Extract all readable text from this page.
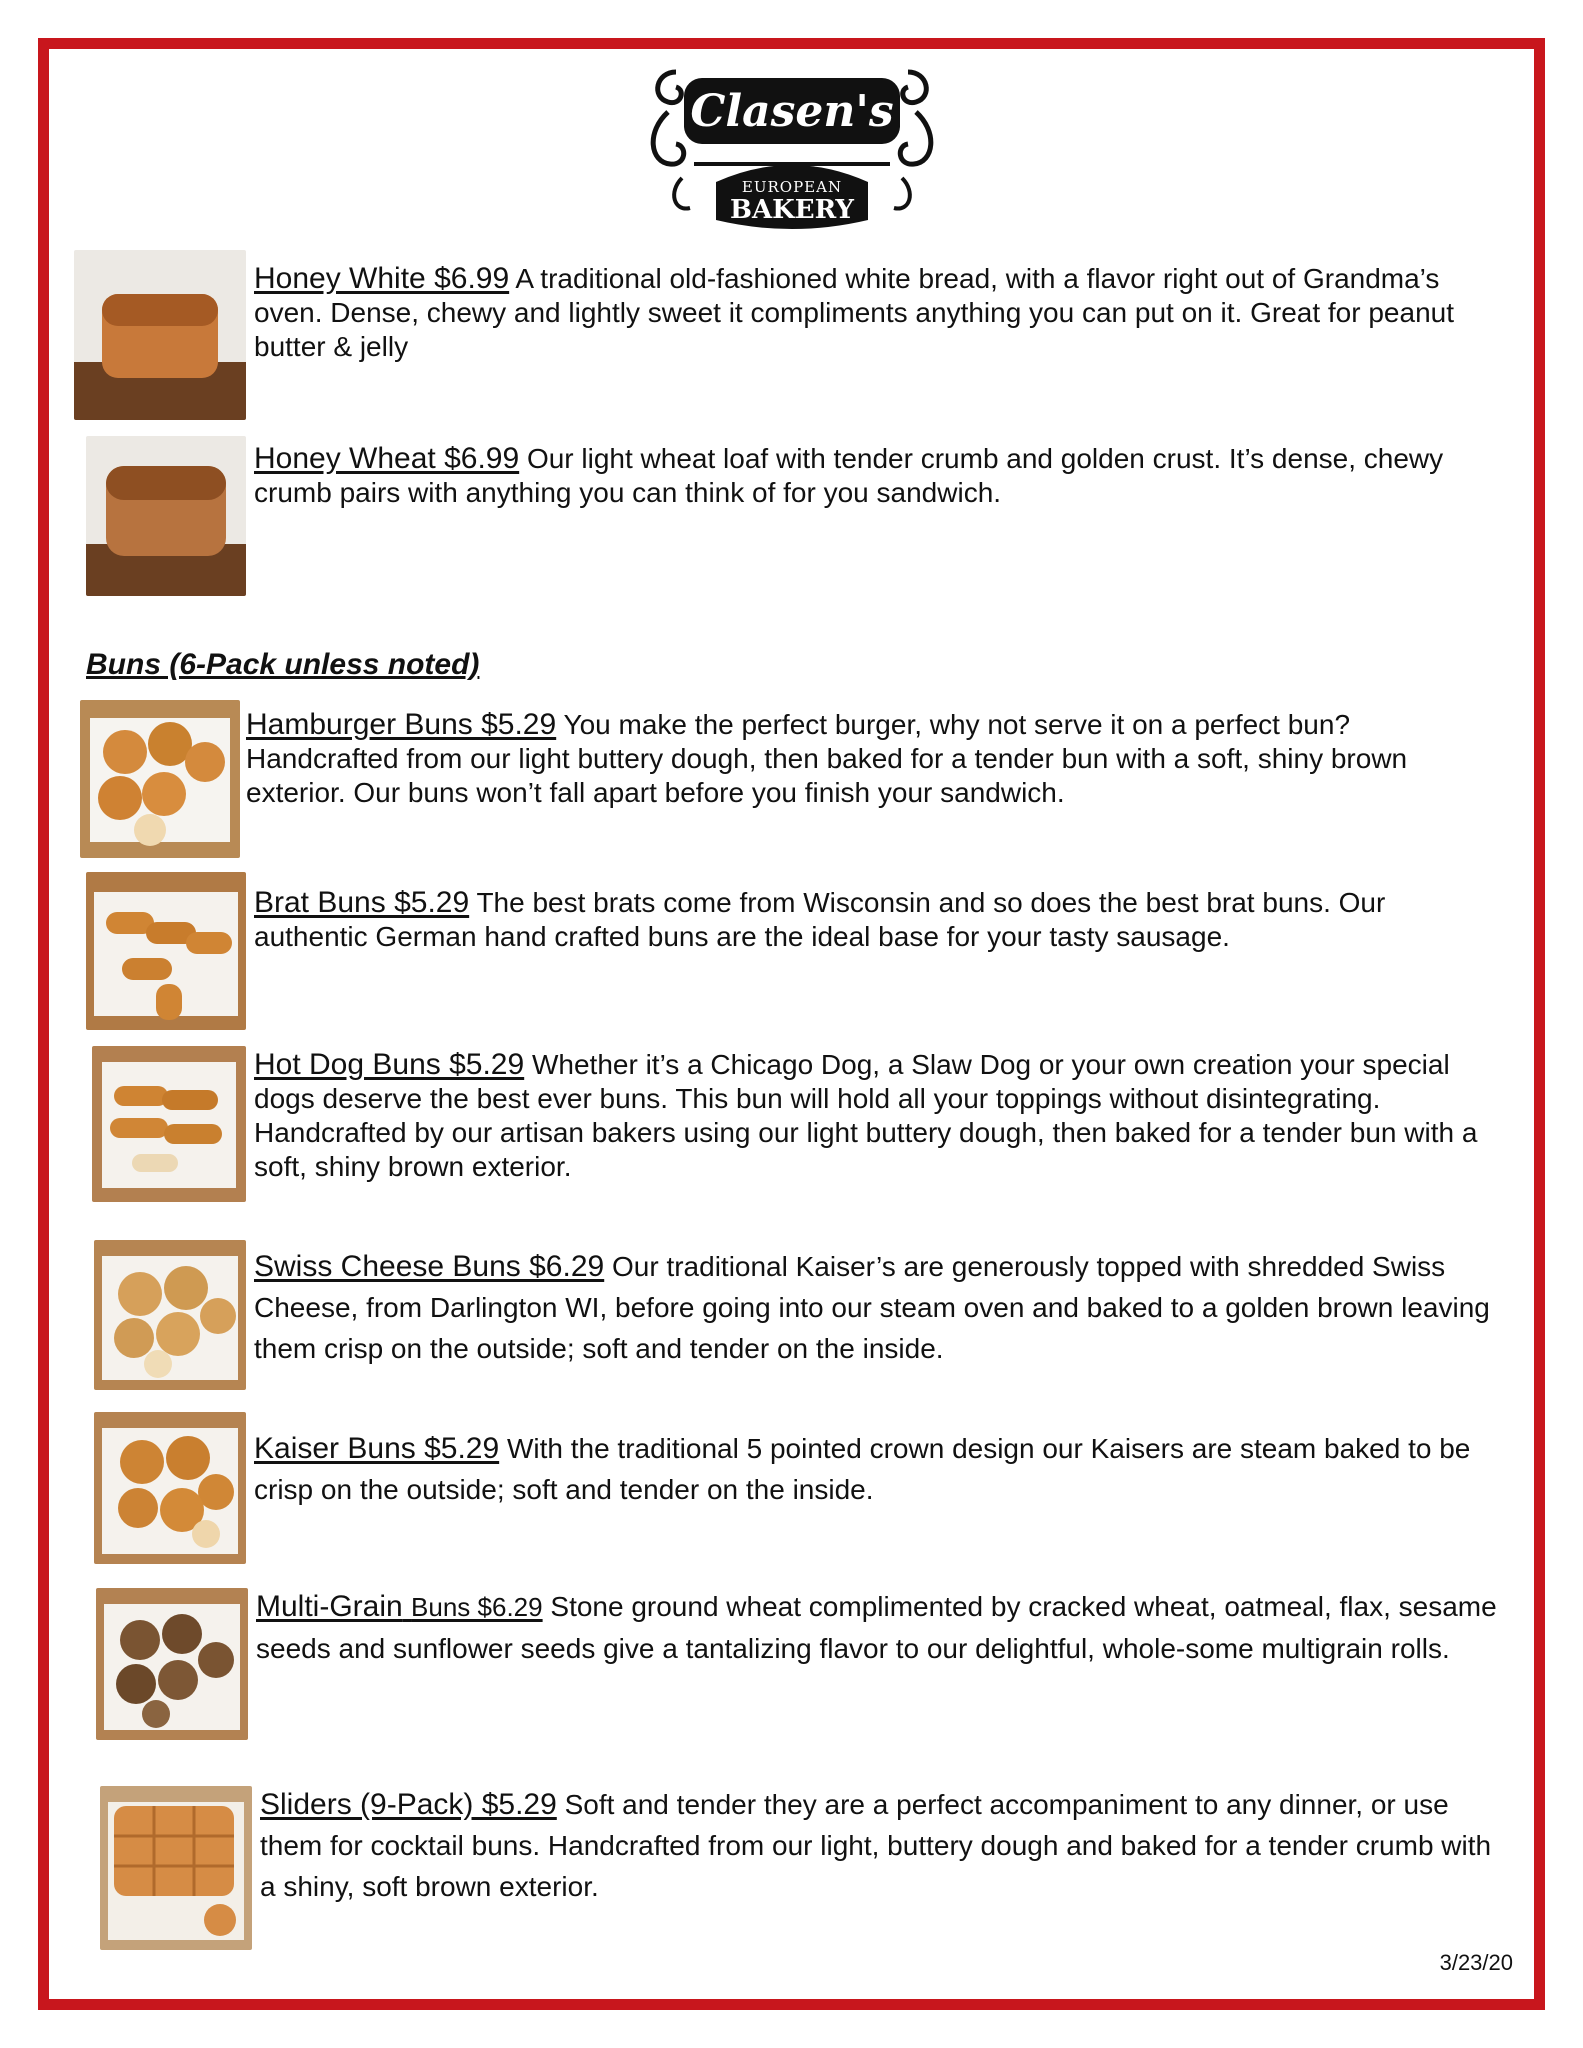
Clasen's
EUROPEAN
BAKERY
Honey White $6.99 A traditional old-fashioned white bread, with a flavor right out of Grandma’s oven. Dense, chewy and lightly sweet it compliments anything you can put on it. Great for peanut butter & jelly
Honey Wheat $6.99 Our light wheat loaf with tender crumb and golden crust. It’s dense, chewy crumb pairs with anything you can think of for you sandwich.
Buns (6-Pack unless noted)
Hamburger Buns $5.29 You make the perfect burger, why not serve it on a perfect bun? Handcrafted from our light buttery dough, then baked for a tender bun with a soft, shiny brown exterior. Our buns won’t fall apart before you finish your sandwich.
Brat Buns $5.29 The best brats come from Wisconsin and so does the best brat buns. Our authentic German hand crafted buns are the ideal base for your tasty sausage.
Hot Dog Buns $5.29 Whether it’s a Chicago Dog, a Slaw Dog or your own creation your special dogs deserve the best ever buns. This bun will hold all your toppings without disintegrating. Handcrafted by our artisan bakers using our light buttery dough, then baked for a tender bun with a soft, shiny brown exterior.
Swiss Cheese Buns $6.29 Our traditional Kaiser’s are generously topped with shredded Swiss Cheese, from Darlington WI, before going into our steam oven and baked to a golden brown leaving them crisp on the outside; soft and tender on the inside.
Kaiser Buns $5.29 With the traditional 5 pointed crown design our Kaisers are steam baked to be crisp on the outside; soft and tender on the inside.
Multi-Grain Buns $6.29 Stone ground wheat complimented by cracked wheat, oatmeal, flax, sesame seeds and sunflower seeds give a tantalizing flavor to our delightful, whole-some multigrain rolls.
Sliders (9-Pack) $5.29 Soft and tender they are a perfect accompaniment to any dinner, or use them for cocktail buns. Handcrafted from our light, buttery dough and baked for a tender crumb with a shiny, soft brown exterior.
3/23/20
